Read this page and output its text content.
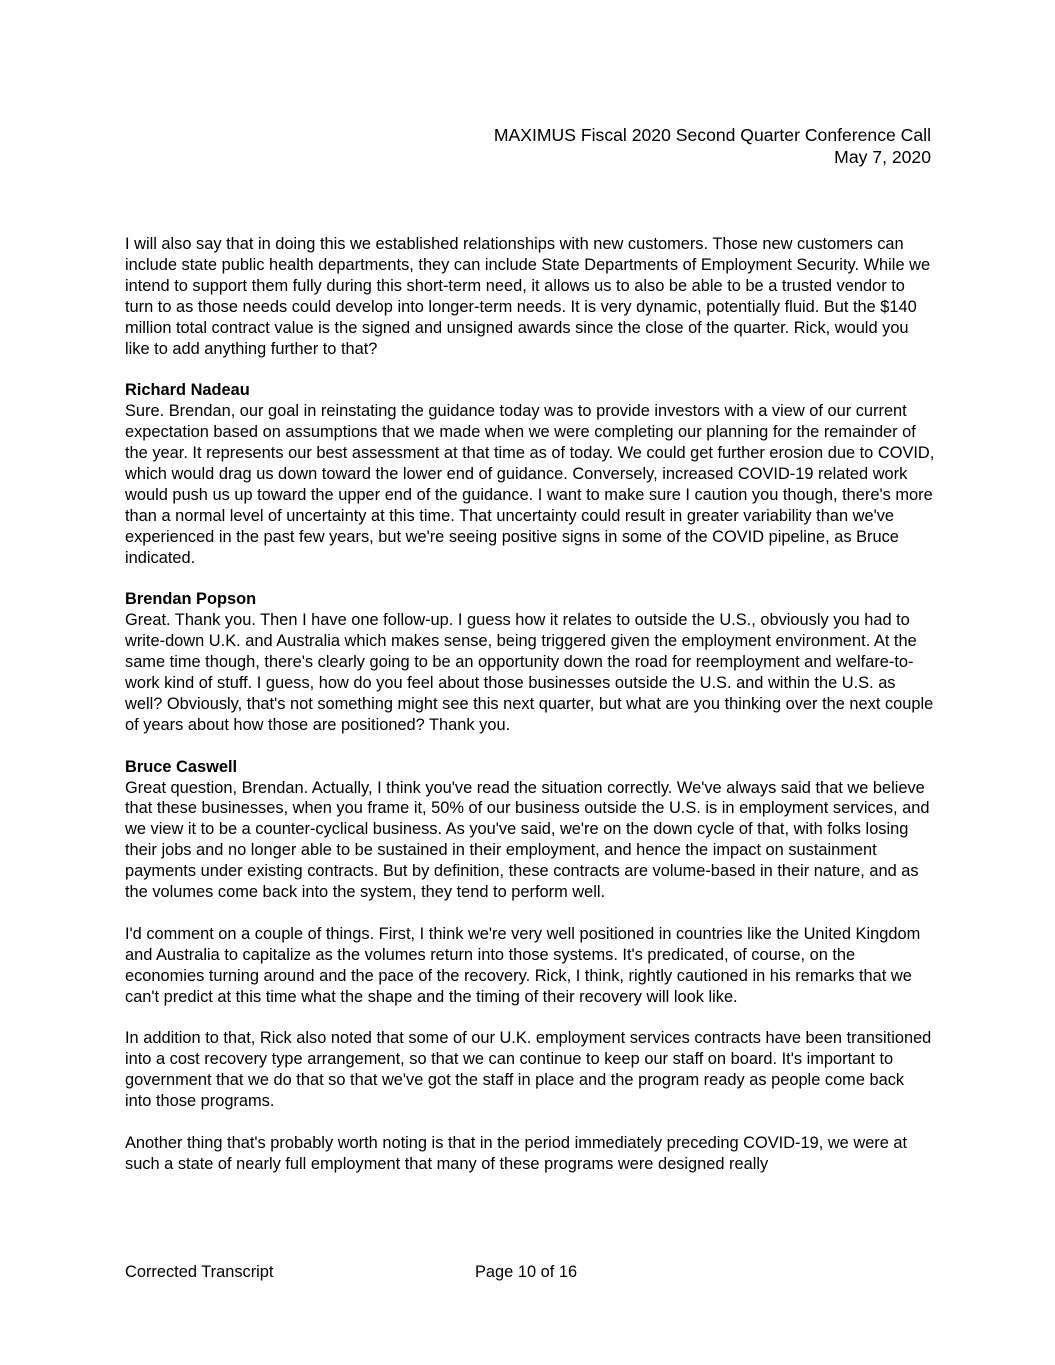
MAXIMUS Fiscal 2020 Second Quarter Conference Call
May 7, 2020

I will also say that in doing this we established relationships with new customers. Those new customers can include state public health departments, they can include State Departments of Employment Security. While we intend to support them fully during this short-term need, it allows us to also be able to be a trusted vendor to turn to as those needs could develop into longer-term needs. It is very dynamic, potentially fluid. But the $140 million total contract value is the signed and unsigned awards since the close of the quarter. Rick, would you like to add anything further to that?

Richard Nadeau
Sure. Brendan, our goal in reinstating the guidance today was to provide investors with a view of our current expectation based on assumptions that we made when we were completing our planning for the remainder of the year. It represents our best assessment at that time as of today. We could get further erosion due to COVID, which would drag us down toward the lower end of guidance. Conversely, increased COVID-19 related work would push us up toward the upper end of the guidance. I want to make sure I caution you though, there's more than a normal level of uncertainty at this time. That uncertainty could result in greater variability than we've experienced in the past few years, but we're seeing positive signs in some of the COVID pipeline, as Bruce indicated.
Brendan Popson
Great. Thank you. Then I have one follow-up. I guess how it relates to outside the U.S., obviously you had to write-down U.K. and Australia which makes sense, being triggered given the employment environment. At the same time though, there's clearly going to be an opportunity down the road for reemployment and welfare-to-work kind of stuff. I guess, how do you feel about those businesses outside the U.S. and within the U.S. as well? Obviously, that's not something might see this next quarter, but what are you thinking over the next couple of years about how those are positioned? Thank you.
Bruce Caswell
Great question, Brendan. Actually, I think you've read the situation correctly. We've always said that we believe that these businesses, when you frame it, 50% of our business outside the U.S. is in employment services, and we view it to be a counter-cyclical business. As you've said, we're on the down cycle of that, with folks losing their jobs and no longer able to be sustained in their employment, and hence the impact on sustainment payments under existing contracts. But by definition, these contracts are volume-based in their nature, and as the volumes come back into the system, they tend to perform well.

I'd comment on a couple of things. First, I think we're very well positioned in countries like the United Kingdom and Australia to capitalize as the volumes return into those systems. It's predicated, of course, on the economies turning around and the pace of the recovery. Rick, I think, rightly cautioned in his remarks that we can't predict at this time what the shape and the timing of their recovery will look like.

In addition to that, Rick also noted that some of our U.K. employment services contracts have been transitioned into a cost recovery type arrangement, so that we can continue to keep our staff on board. It's important to government that we do that so that we've got the staff in place and the program ready as people come back into those programs.

Another thing that's probably worth noting is that in the period immediately preceding COVID-19, we were at such a state of nearly full employment that many of these programs were designed really

Corrected Transcript	Page 10 of 16
